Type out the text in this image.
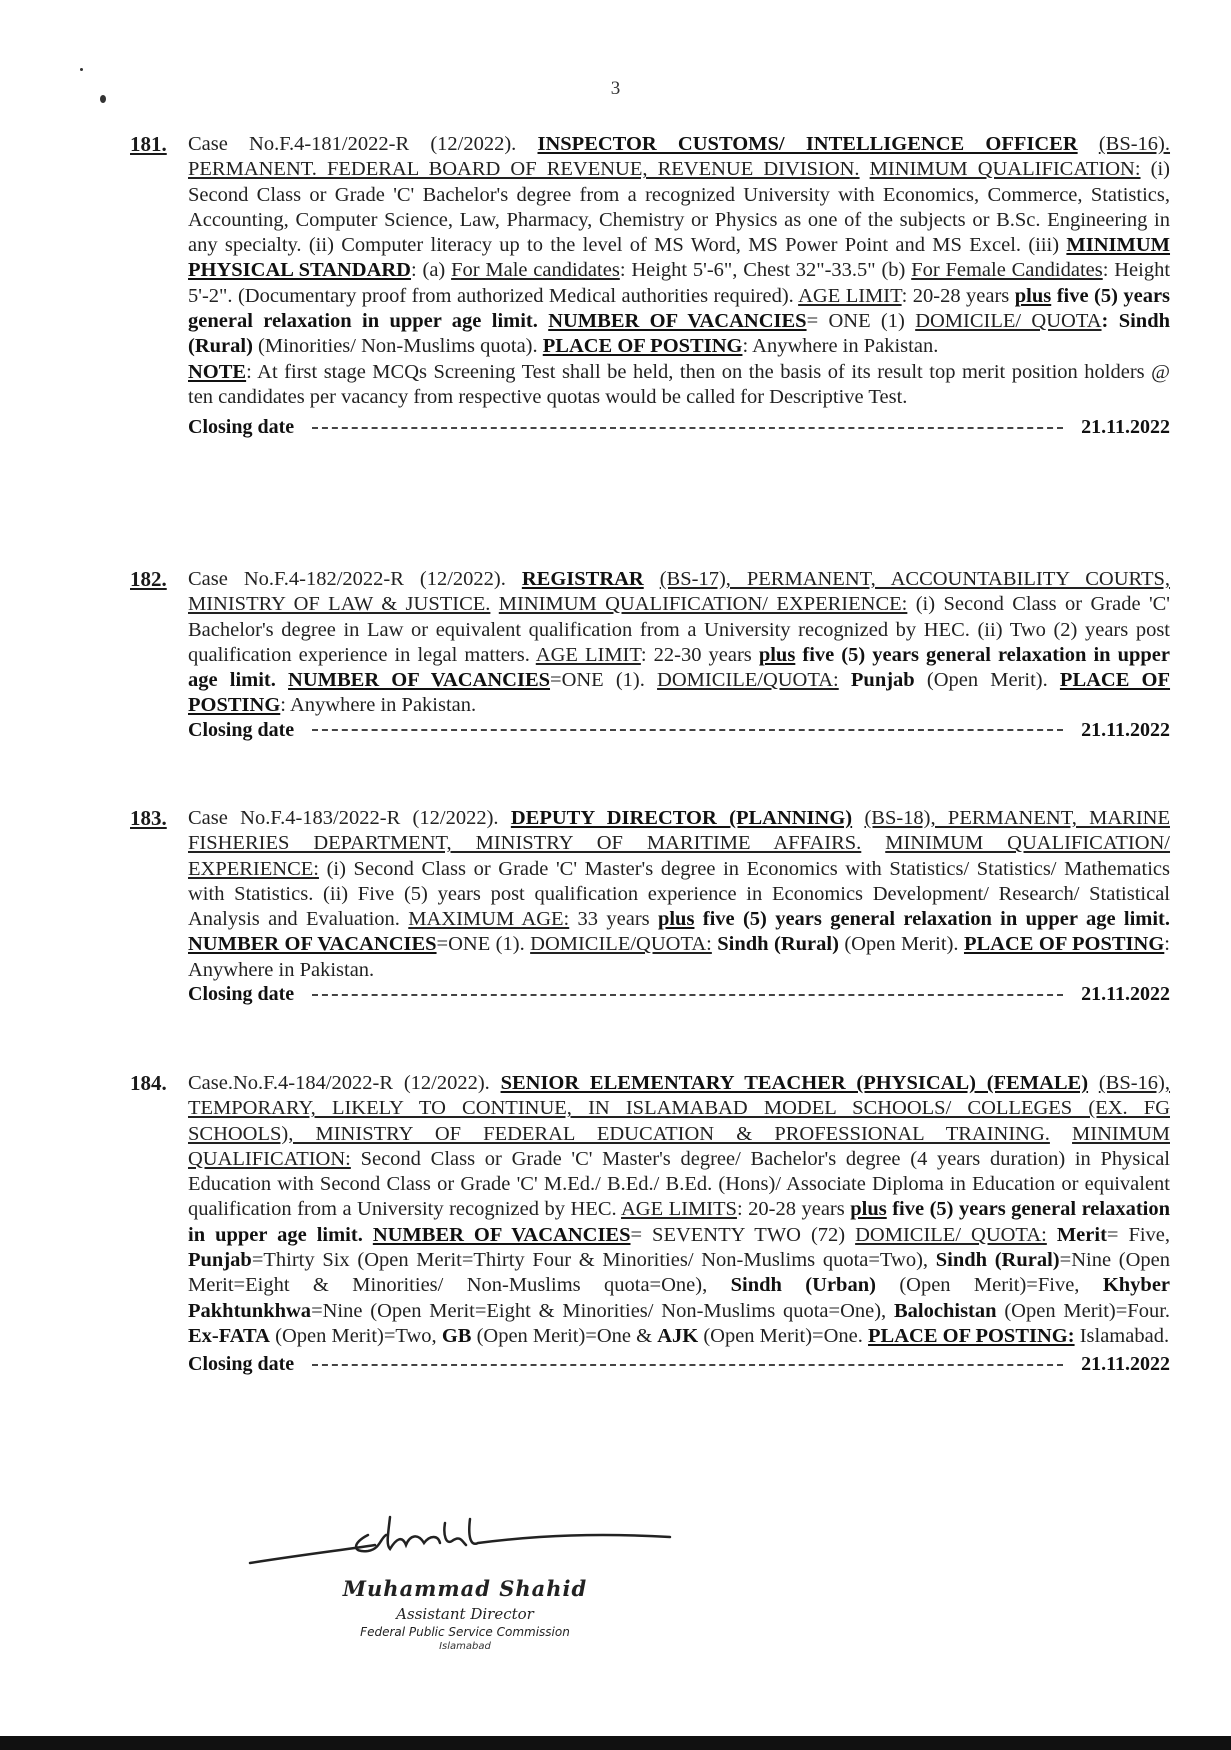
3
181.	Case No.F.4-181/2022-R (12/2022). INSPECTOR CUSTOMS/ INTELLIGENCE OFFICER (BS-16). PERMANENT. FEDERAL BOARD OF REVENUE, REVENUE DIVISION. MINIMUM QUALIFICATION: (i) Second Class or Grade 'C' Bachelor's degree from a recognized University with Economics, Commerce, Statistics, Accounting, Computer Science, Law, Pharmacy, Chemistry or Physics as one of the subjects or B.Sc. Engineering in any specialty. (ii) Computer literacy up to the level of MS Word, MS Power Point and MS Excel. (iii) MINIMUM PHYSICAL STANDARD: (a) For Male candidates: Height 5'-6", Chest 32"-33.5" (b) For Female Candidates: Height 5'-2". (Documentary proof from authorized Medical authorities required). AGE LIMIT: 20-28 years plus five (5) years general relaxation in upper age limit. NUMBER OF VACANCIES= ONE (1) DOMICILE/ QUOTA: Sindh (Rural) (Minorities/ Non-Muslims quota). PLACE OF POSTING: Anywhere in Pakistan.
NOTE: At first stage MCQs Screening Test shall be held, then on the basis of its result top merit position holders @ ten candidates per vacancy from respective quotas would be called for Descriptive Test.
Closing date	21.11.2022
182.	Case No.F.4-182/2022-R (12/2022). REGISTRAR (BS-17), PERMANENT, ACCOUNTABILITY COURTS, MINISTRY OF LAW & JUSTICE. MINIMUM QUALIFICATION/ EXPERIENCE: (i) Second Class or Grade 'C' Bachelor's degree in Law or equivalent qualification from a University recognized by HEC. (ii) Two (2) years post qualification experience in legal matters. AGE LIMIT: 22-30 years plus five (5) years general relaxation in upper age limit. NUMBER OF VACANCIES=ONE (1). DOMICILE/QUOTA: Punjab (Open Merit). PLACE OF POSTING: Anywhere in Pakistan.
Closing date	21.11.2022
183.	Case No.F.4-183/2022-R (12/2022). DEPUTY DIRECTOR (PLANNING) (BS-18), PERMANENT, MARINE FISHERIES DEPARTMENT, MINISTRY OF MARITIME AFFAIRS. MINIMUM QUALIFICATION/ EXPERIENCE: (i) Second Class or Grade 'C' Master's degree in Economics with Statistics/ Statistics/ Mathematics with Statistics. (ii) Five (5) years post qualification experience in Economics Development/ Research/ Statistical Analysis and Evaluation. MAXIMUM AGE: 33 years plus five (5) years general relaxation in upper age limit. NUMBER OF VACANCIES=ONE (1). DOMICILE/QUOTA: Sindh (Rural) (Open Merit). PLACE OF POSTING: Anywhere in Pakistan.
Closing date	21.11.2022
184.	Case.No.F.4-184/2022-R (12/2022). SENIOR ELEMENTARY TEACHER (PHYSICAL) (FEMALE) (BS-16), TEMPORARY, LIKELY TO CONTINUE, IN ISLAMABAD MODEL SCHOOLS/ COLLEGES (EX. FG SCHOOLS), MINISTRY OF FEDERAL EDUCATION & PROFESSIONAL TRAINING. MINIMUM QUALIFICATION: Second Class or Grade 'C' Master's degree/ Bachelor's degree (4 years duration) in Physical Education with Second Class or Grade 'C' M.Ed./ B.Ed./ B.Ed. (Hons)/ Associate Diploma in Education or equivalent qualification from a University recognized by HEC. AGE LIMITS: 20-28 years plus five (5) years general relaxation in upper age limit. NUMBER OF VACANCIES= SEVENTY TWO (72) DOMICILE/ QUOTA: Merit= Five, Punjab=Thirty Six (Open Merit=Thirty Four & Minorities/ Non-Muslims quota=Two), Sindh (Rural)=Nine (Open Merit=Eight & Minorities/ Non-Muslims quota=One), Sindh (Urban) (Open Merit)=Five, Khyber Pakhtunkhwa=Nine (Open Merit=Eight & Minorities/ Non-Muslims quota=One), Balochistan (Open Merit)=Four. Ex-FATA (Open Merit)=Two, GB (Open Merit)=One & AJK (Open Merit)=One. PLACE OF POSTING: Islamabad.
Closing date	21.11.2022
Muhammad Shahid
Assistant Director
Federal Public Service Commission
Islamabad
